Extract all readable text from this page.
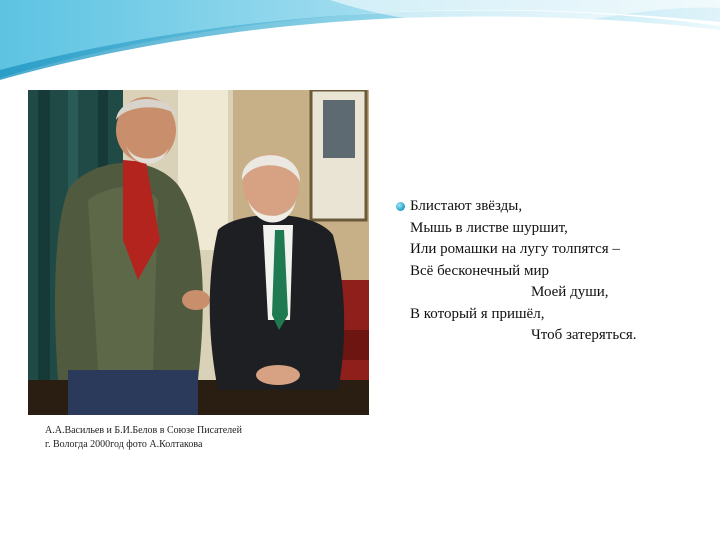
А.А.Васильев и Б.И.Белов в Союзе Писателей
г. Вологда 2000год фото А.Колтакова
Блистают звёзды,
Мышь в листве шуршит,
Или ромашки на лугу толпятся –
Всё бесконечный мир
Моей души,
В который я пришёл,
Чтоб затеряться.
